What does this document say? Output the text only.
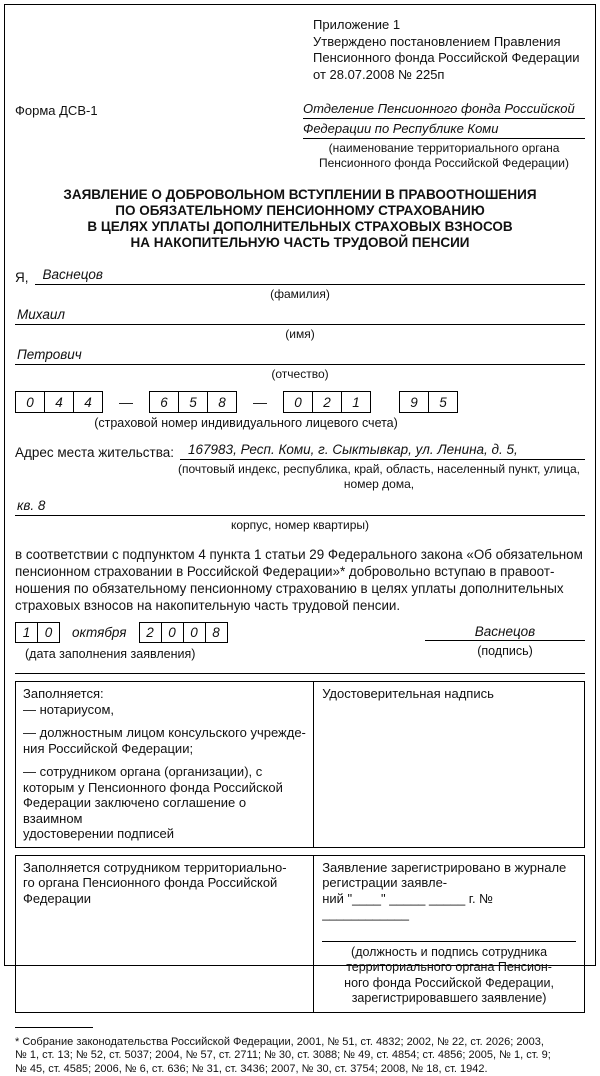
Приложение 1
Утверждено постановлением Правления
Пенсионного фонда Российской Федерации
от 28.07.2008 № 225п
Форма ДСВ-1	Отделение Пенсионного фонда Российской
Федерации по Республике Коми
(наименование территориального органа
Пенсионного фонда Российской Федерации)
ЗАЯВЛЕНИЕ О ДОБРОВОЛЬНОМ ВСТУПЛЕНИИ В ПРАВООТНОШЕНИЯ
ПО ОБЯЗАТЕЛЬНОМУ ПЕНСИОННОМУ СТРАХОВАНИЮ
В ЦЕЛЯХ УПЛАТЫ ДОПОЛНИТЕЛЬНЫХ СТРАХОВЫХ ВЗНОСОВ
НА НАКОПИТЕЛЬНУЮ ЧАСТЬ ТРУДОВОЙ ПЕНСИИ
Я,	Васнецов
(фамилия)
Михаил
(имя)
Петрович
(отчество)
0	4	4	—	6	5	8	—	0	2	1	9	5
(страховой номер индивидуального лицевого счета)
Адрес места жительства:	167983, Респ. Коми, г. Сыктывкар, ул. Ленина, д. 5,
(почтовый индекс, республика, край, область, населенный пункт, улица,
номер дома,
кв. 8
корпус, номер квартиры)
в соответствии с подпунктом 4 пункта 1 статьи 29 Федерального закона «Об обязательном
пенсионном страховании в Российской Федерации»* добровольно вступаю в правоот-
ношения по обязательному пенсионному страхованию в целях уплаты дополнительных
страховых взносов на накопительную часть трудовой пенсии.
1	0	октября	2	0	0	8
(дата заполнения заявления)
Васнецов
(подпись)
Заполняется:
— нотариусом,
— должностным лицом консульского учрежде-
ния Российской Федерации;
— сотрудником органа (организации), с
которым у Пенсионного фонда Российской
Федерации заключено соглашение о взаимном
удостоверении подписей
Удостоверительная надпись
Заполняется сотрудником территориально-
го органа Пенсионного фонда Российской
Федерации
Заявление зарегистрировано в журнале
регистрации заявле-
ний "____" _____ _____ г. № ____________
(должность и подпись сотрудника
территориального органа Пенсион-
ного фонда Российской Федерации,
зарегистрировавшего заявление)
* Собрание законодательства Российской Федерации, 2001, № 51, ст. 4832; 2002, № 22, ст. 2026; 2003,
№ 1, ст. 13; № 52, ст. 5037; 2004, № 57, ст. 2711; № 30, ст. 3088; № 49, ст. 4854; ст. 4856; 2005, № 1, ст. 9;
№ 45, ст. 4585; 2006, № 6, ст. 636; № 31, ст. 3436; 2007, № 30, ст. 3754; 2008, № 18, ст. 1942.
